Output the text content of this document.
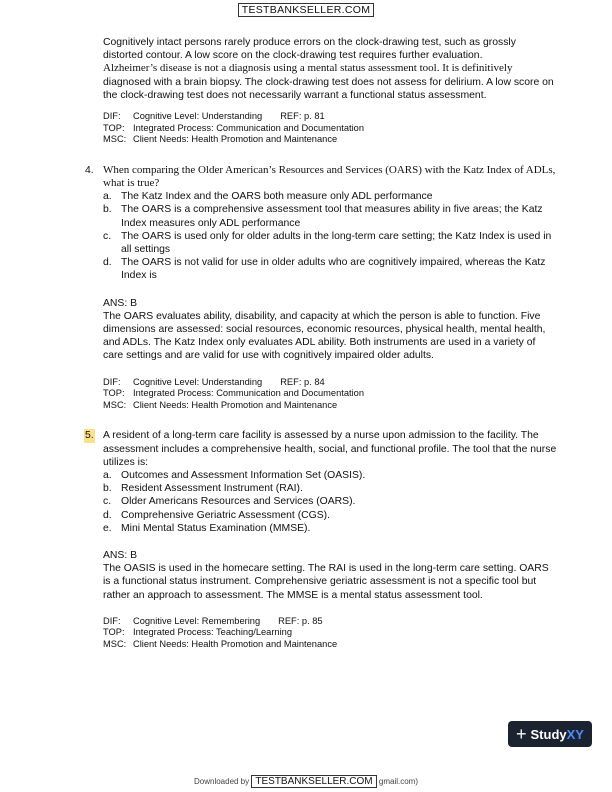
TESTBANKSELLER.COM

Cognitively intact persons rarely produce errors on the clock-drawing test, such as grossly distorted contour. A low score on the clock-drawing test requires further evaluation.

Alzheimer’s disease is not a diagnosis using a mental status assessment tool. It is definitively

diagnosed with a brain biopsy. The clock-drawing test does not assess for delirium. A low score on the clock-drawing test does not necessarily warrant a functional status assessment.

DIF: Cognitive Level: Understanding REF: p. 81
TOP: Integrated Process: Communication and Documentation
MSC: Client Needs: Health Promotion and Maintenance
4. When comparing the Older American’s Resources and Services (OARS) with the Katz Index of ADLs, what is true?

a. The Katz Index and the OARS both measure only ADL performance
b. The OARS is a comprehensive assessment tool that measures ability in five areas; the Katz Index measures only ADL performance
c. The OARS is used only for older adults in the long-term care setting; the Katz Index is used in all settings
d. The OARS is not valid for use in older adults who are cognitively impaired, whereas the Katz Index is

ANS: B

The OARS evaluates ability, disability, and capacity at which the person is able to function. Five dimensions are assessed: social resources, economic resources, physical health, mental health, and ADLs. The Katz Index only evaluates ADL ability. Both instruments are used in a variety of care settings and are valid for use with cognitively impaired older adults.

DIF: Cognitive Level: Understanding REF: p. 84
TOP: Integrated Process: Communication and Documentation
MSC: Client Needs: Health Promotion and Maintenance
5. A resident of a long-term care facility is assessed by a nurse upon admission to the facility. The assessment includes a comprehensive health, social, and functional profile. The tool that the nurse utilizes is:

a. Outcomes and Assessment Information Set (OASIS).
b. Resident Assessment Instrument (RAI).
c. Older Americans Resources and Services (OARS).
d. Comprehensive Geriatric Assessment (CGS).
e. Mini Mental Status Examination (MMSE).

ANS: B

The OASIS is used in the homecare setting. The RAI is used in the long-term care setting. OARS is a functional status instrument. Comprehensive geriatric assessment is not a specific tool but rather an approach to assessment. The MMSE is a mental status assessment tool.

DIF: Cognitive Level: Remembering REF: p. 85
TOP: Integrated Process: Teaching/Learning
MSC: Client Needs: Health Promotion and Maintenance
+ StudyXY
Downloaded by TESTBANKSELLER.COM gmail.com)
